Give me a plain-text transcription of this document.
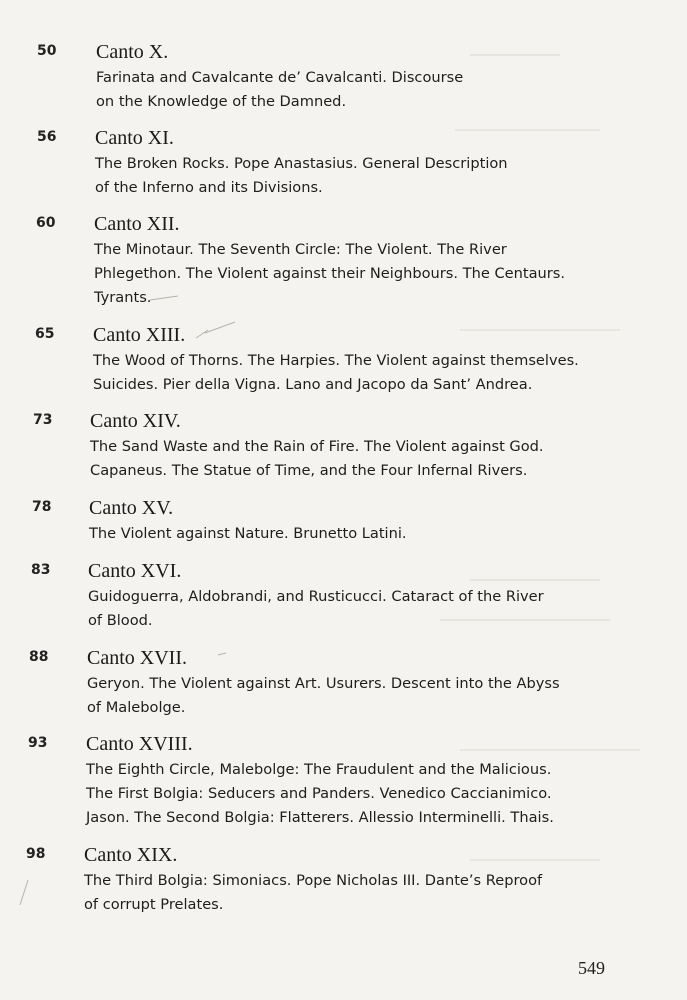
50 Canto X.
Farinata and Cavalcante de’ Cavalcanti. Discourse
on the Knowledge of the Damned.
56 Canto XI.
The Broken Rocks. Pope Anastasius. General Description
of the Inferno and its Divisions.
60 Canto XII.
The Minotaur. The Seventh Circle: The Violent. The River
Phlegethon. The Violent against their Neighbours. The Centaurs.
Tyrants.
65 Canto XIII.
The Wood of Thorns. The Harpies. The Violent against themselves.
Suicides. Pier della Vigna. Lano and Jacopo da Sant’ Andrea.
73 Canto XIV.
The Sand Waste and the Rain of Fire. The Violent against God.
Capaneus. The Statue of Time, and the Four Infernal Rivers.
78 Canto XV.
The Violent against Nature. Brunetto Latini.
83 Canto XVI.
Guidoguerra, Aldobrandi, and Rusticucci. Cataract of the River
of Blood.
88 Canto XVII.
Geryon. The Violent against Art. Usurers. Descent into the Abyss
of Malebolge.
93 Canto XVIII.
The Eighth Circle, Malebolge: The Fraudulent and the Malicious.
The First Bolgia: Seducers and Panders. Venedico Caccianimico.
Jason. The Second Bolgia: Flatterers. Allessio Interminelli. Thais.
98 Canto XIX.
The Third Bolgia: Simoniacs. Pope Nicholas III. Dante’s Reproof
of corrupt Prelates.
549
